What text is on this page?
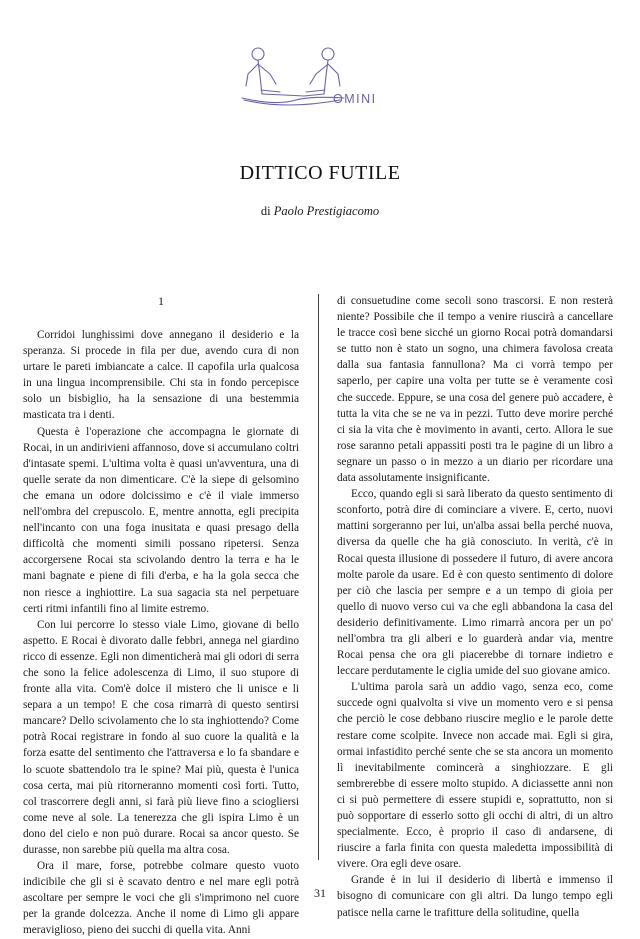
OMINI
DITTICO FUTILE
di Paolo Prestigiacomo
1

Corridoi lunghissimi dove annegano il desiderio e la speranza. Si procede in fila per due, avendo cura di non urtare le pareti imbiancate a calce. Il capofila urla qualcosa in una lingua incomprensibile. Chi sta in fondo percepisce solo un bisbiglio, ha la sensazione di una bestemmia masticata tra i denti.

Questa è l'operazione che accompagna le giornate di Rocai, in un andirivieni affannoso, dove si accumulano coltri d'intasate spemi. L'ultima volta è quasi un'avventura, una di quelle serate da non dimenticare. C'è la siepe di gelsomino che emana un odore dolcissimo e c'è il viale immerso nell'ombra del crepuscolo. E, mentre annotta, egli precipita nell'incanto con una foga inusitata e quasi presago della difficoltà che momenti simili possano ripetersi. Senza accorgersene Rocai sta scivolando dentro la terra e ha le mani bagnate e piene di fili d'erba, e ha la gola secca che non riesce a inghiottire. La sua sagacia sta nel perpetuare certi ritmi infantili fino al limite estremo.

Con lui percorre lo stesso viale Limo, giovane di bello aspetto. E Rocai è divorato dalle febbri, annega nel giardino ricco di essenze. Egli non dimenticherà mai gli odori di serra che sono la felice adolescenza di Limo, il suo stupore di fronte alla vita. Com'è dolce il mistero che li unisce e li separa a un tempo! E che cosa rimarrà di questo sentirsi mancare? Dello scivolamento che lo sta inghiottendo? Come potrà Rocai registrare in fondo al suo cuore la qualità e la forza esatte del sentimento che l'attraversa e lo fa sbandare e lo scuote sbattendolo tra le spine? Mai più, questa è l'unica cosa certa, mai più ritorneranno momenti così forti. Tutto, col trascorrere degli anni, si farà più lieve fino a sciogliersi come neve al sole. La tenerezza che gli ispira Limo è un dono del cielo e non può durare. Rocai sa ancor questo. Se durasse, non sarebbe più quella ma altra cosa.

Ora il mare, forse, potrebbe colmare questo vuoto indicibile che gli si è scavato dentro e nel mare egli potrà ascoltare per sempre le voci che gli s'imprimono nel cuore per la grande dolcezza. Anche il nome di Limo gli appare meraviglioso, pieno dei succhi di quella vita. Anni

di consuetudine come secoli sono trascorsi. E non resterà niente? Possibile che il tempo a venire riuscirà a cancellare le tracce così bene sicché un giorno Rocai potrà domandarsi se tutto non è stato un sogno, una chimera favolosa creata dalla sua fantasia fannullona? Ma ci vorrà tempo per saperlo, per capire una volta per tutte se è veramente così che succede. Eppure, se una cosa del genere può accadere, è tutta la vita che se ne va in pezzi. Tutto deve morire perché ci sia la vita che è movimento in avanti, certo. Allora le sue rose saranno petali appassiti posti tra le pagine di un libro a segnare un passo o in mezzo a un diario per ricordare una data assolutamente insignificante.

Ecco, quando egli si sarà liberato da questo sentimento di sconforto, potrà dire di cominciare a vivere. E, certo, nuovi mattini sorgeranno per lui, un'alba assai bella perché nuova, diversa da quelle che ha già conosciuto. In verità, c'è in Rocai questa illusione di possedere il futuro, di avere ancora molte parole da usare. Ed è con questo sentimento di dolore per ciò che lascia per sempre e a un tempo di gioia per quello di nuovo verso cui va che egli abbandona la casa del desiderio definitivamente. Limo rimarrà ancora per un po' nell'ombra tra gli alberi e lo guarderà andar via, mentre Rocai pensa che ora gli piacerebbe di tornare indietro e leccare perdutamente le ciglia umide del suo giovane amico.

L'ultima parola sarà un addio vago, senza eco, come succede ogni qualvolta si vive un momento vero e si pensa che perciò le cose debbano riuscire meglio e le parole dette restare come scolpite. Invece non accade mai. Egli si gira, ormai infastidito perché sente che se sta ancora un momento lì inevitabilmente comincerà a singhiozzare. E gli sembrerebbe di essere molto stupido. A diciassette anni non ci si può permettere di essere stupidi e, soprattutto, non si può sopportare di esserlo sotto gli occhi di altri, di un altro specialmente. Ecco, è proprio il caso di andarsene, di riuscire a farla finita con questa maledetta impossibilità di vivere. Ora egli deve osare.

Grande è in lui il desiderio di libertà e immenso il bisogno di comunicare con gli altri. Da lungo tempo egli patisce nella carne le trafitture della solitudine, quella

31
